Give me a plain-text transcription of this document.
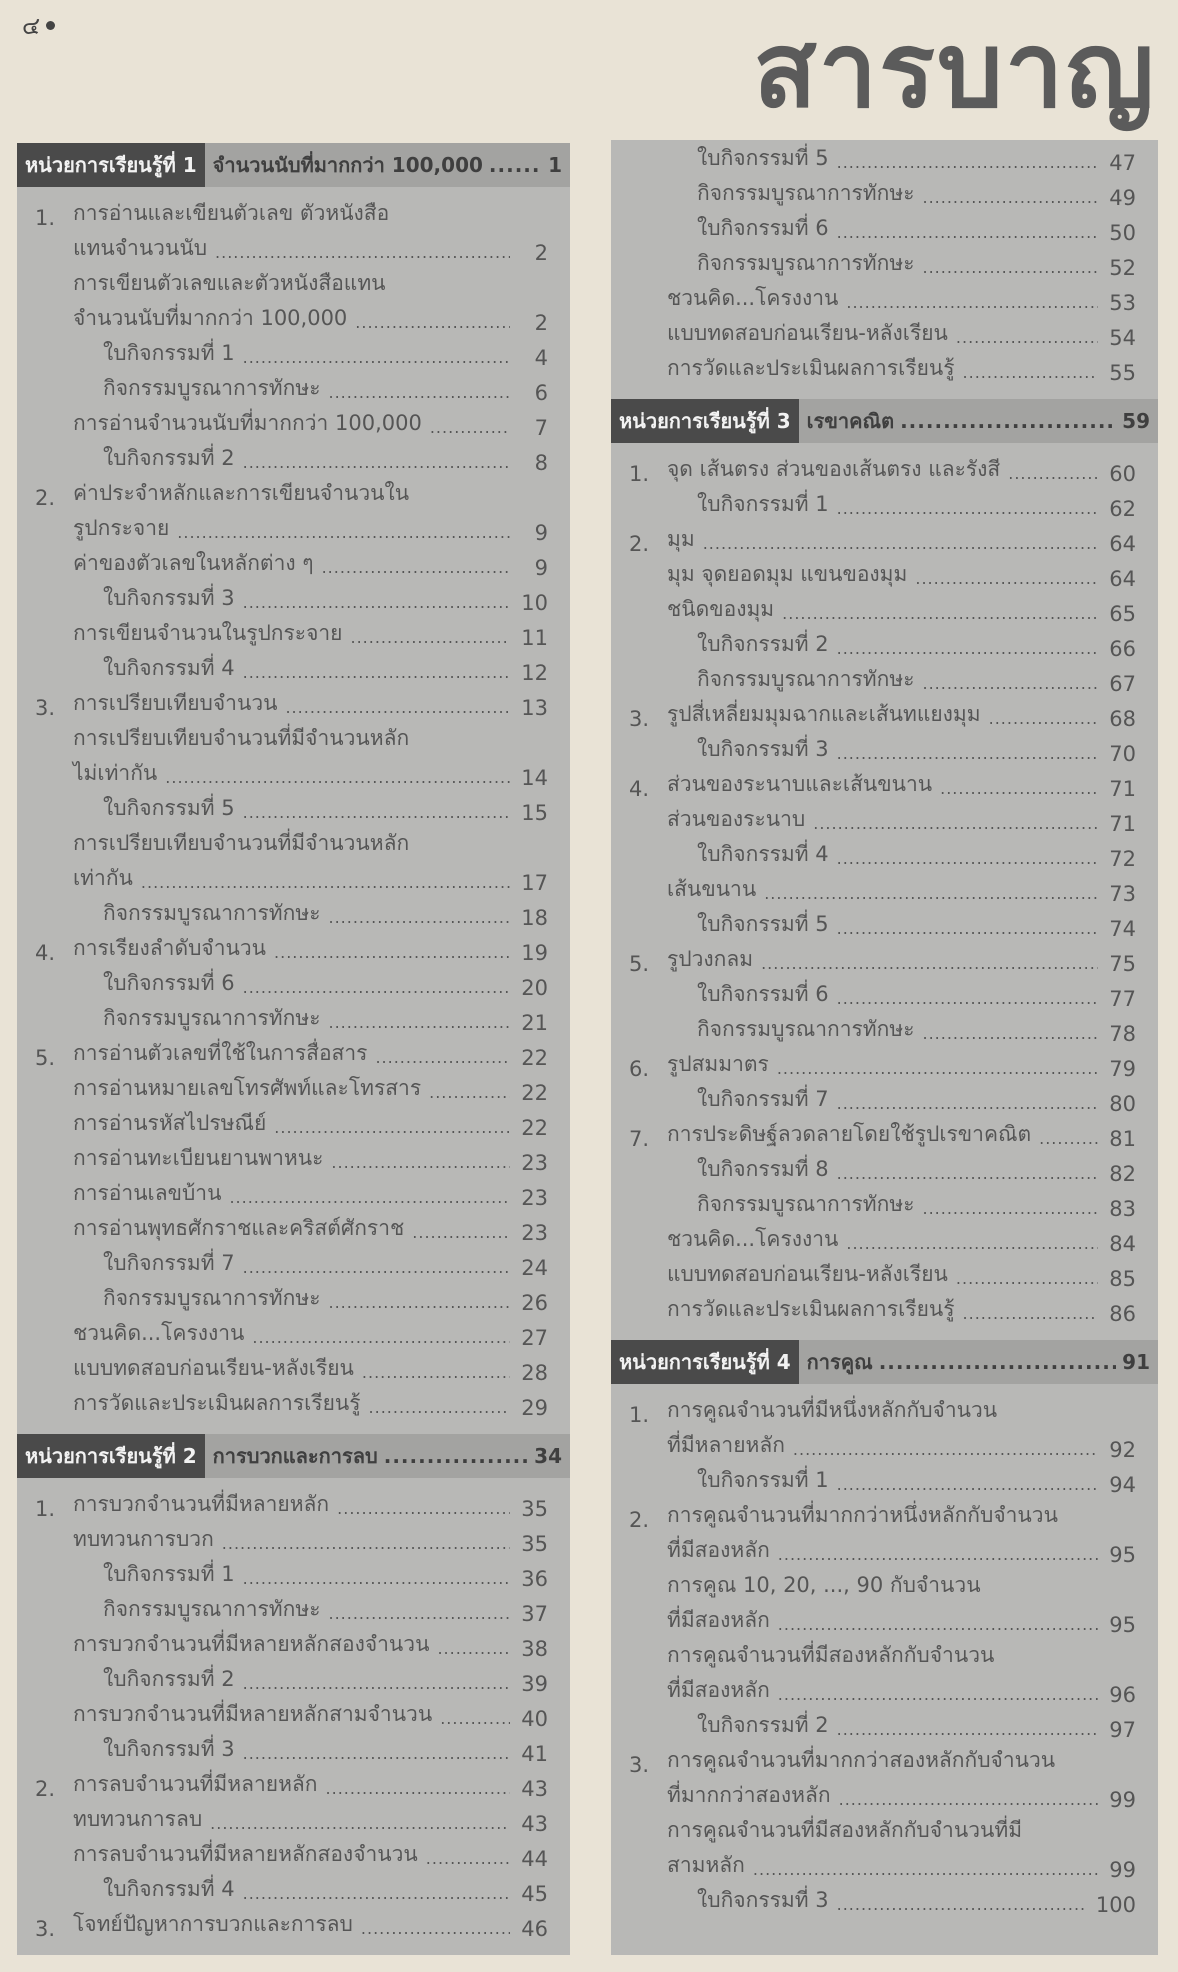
๔	สารบาญ
หน่วยการเรียนรู้ที่ 1 จำนวนนับที่มากกว่า 100,000 .....	1
1. การอ่านและเขียนตัวเลข ตัวหนังสือ
แทนจำนวนนับ .....	2
การเขียนตัวเลขและตัวหนังสือแทน
จำนวนนับที่มากกว่า 100,000 .....	2
ใบกิจกรรมที่ 1 .....	4
กิจกรรมบูรณาการทักษะ .....	6
การอ่านจำนวนนับที่มากกว่า 100,000 .....	7
ใบกิจกรรมที่ 2 .....	8
2. ค่าประจำหลักและการเขียนจำนวนใน
รูปกระจาย .....	9
ค่าของตัวเลขในหลักต่าง ๆ .....	9
ใบกิจกรรมที่ 3 .....	10
การเขียนจำนวนในรูปกระจาย .....	11
ใบกิจกรรมที่ 4 .....	12
3. การเปรียบเทียบจำนวน .....	13
การเปรียบเทียบจำนวนที่มีจำนวนหลัก
ไม่เท่ากัน .....	14
ใบกิจกรรมที่ 5 .....	15
การเปรียบเทียบจำนวนที่มีจำนวนหลัก
เท่ากัน .....	17
กิจกรรมบูรณาการทักษะ .....	18
4. การเรียงลำดับจำนวน .....	19
ใบกิจกรรมที่ 6 .....	20
กิจกรรมบูรณาการทักษะ .....	21
5. การอ่านตัวเลขที่ใช้ในการสื่อสาร .....	22
การอ่านหมายเลขโทรศัพท์และโทรสาร .....	22
การอ่านรหัสไปรษณีย์ .....	22
การอ่านทะเบียนยานพาหนะ .....	23
การอ่านเลขบ้าน .....	23
การอ่านพุทธศักราชและคริสต์ศักราช .....	23
ใบกิจกรรมที่ 7 .....	24
กิจกรรมบูรณาการทักษะ .....	26
ชวนคิด...โครงงาน .....	27
แบบทดสอบก่อนเรียน-หลังเรียน .....	28
การวัดและประเมินผลการเรียนรู้ .....	29
หน่วยการเรียนรู้ที่ 2 การบวกและการลบ .....	34
1. การบวกจำนวนที่มีหลายหลัก .....	35
ทบทวนการบวก .....	35
ใบกิจกรรมที่ 1 .....	36
กิจกรรมบูรณาการทักษะ .....	37
การบวกจำนวนที่มีหลายหลักสองจำนวน .....	38
ใบกิจกรรมที่ 2 .....	39
การบวกจำนวนที่มีหลายหลักสามจำนวน .....	40
ใบกิจกรรมที่ 3 .....	41
2. การลบจำนวนที่มีหลายหลัก .....	43
ทบทวนการลบ .....	43
การลบจำนวนที่มีหลายหลักสองจำนวน .....	44
ใบกิจกรรมที่ 4 .....	45
3. โจทย์ปัญหาการบวกและการลบ .....	46
ใบกิจกรรมที่ 5 .....	47
กิจกรรมบูรณาการทักษะ .....	49
ใบกิจกรรมที่ 6 .....	50
กิจกรรมบูรณาการทักษะ .....	52
ชวนคิด...โครงงาน .....	53
แบบทดสอบก่อนเรียน-หลังเรียน .....	54
การวัดและประเมินผลการเรียนรู้ .....	55
หน่วยการเรียนรู้ที่ 3 เรขาคณิต .....	59
1. จุด เส้นตรง ส่วนของเส้นตรง และรังสี .....	60
ใบกิจกรรมที่ 1 .....	62
2. มุม .....	64
มุม จุดยอดมุม แขนของมุม .....	64
ชนิดของมุม .....	65
ใบกิจกรรมที่ 2 .....	66
กิจกรรมบูรณาการทักษะ .....	67
3. รูปสี่เหลี่ยมมุมฉากและเส้นทแยงมุม .....	68
ใบกิจกรรมที่ 3 .....	70
4. ส่วนของระนาบและเส้นขนาน .....	71
ส่วนของระนาบ .....	71
ใบกิจกรรมที่ 4 .....	72
เส้นขนาน .....	73
ใบกิจกรรมที่ 5 .....	74
5. รูปวงกลม .....	75
ใบกิจกรรมที่ 6 .....	77
กิจกรรมบูรณาการทักษะ .....	78
6. รูปสมมาตร .....	79
ใบกิจกรรมที่ 7 .....	80
7. การประดิษฐ์ลวดลายโดยใช้รูปเรขาคณิต .....	81
ใบกิจกรรมที่ 8 .....	82
กิจกรรมบูรณาการทักษะ .....	83
ชวนคิด...โครงงาน .....	84
แบบทดสอบก่อนเรียน-หลังเรียน .....	85
การวัดและประเมินผลการเรียนรู้ .....	86
หน่วยการเรียนรู้ที่ 4 การคูณ .....	91
1. การคูณจำนวนที่มีหนึ่งหลักกับจำนวน
ที่มีหลายหลัก .....	92
ใบกิจกรรมที่ 1 .....	94
2. การคูณจำนวนที่มากกว่าหนึ่งหลักกับจำนวน
ที่มีสองหลัก .....	95
การคูณ 10, 20, ..., 90 กับจำนวน
ที่มีสองหลัก .....	95
การคูณจำนวนที่มีสองหลักกับจำนวน
ที่มีสองหลัก .....	96
ใบกิจกรรมที่ 2 .....	97
3. การคูณจำนวนที่มากกว่าสองหลักกับจำนวน
ที่มากกว่าสองหลัก .....	99
การคูณจำนวนที่มีสองหลักกับจำนวนที่มี
สามหลัก .....	99
ใบกิจกรรมที่ 3 .....	100
